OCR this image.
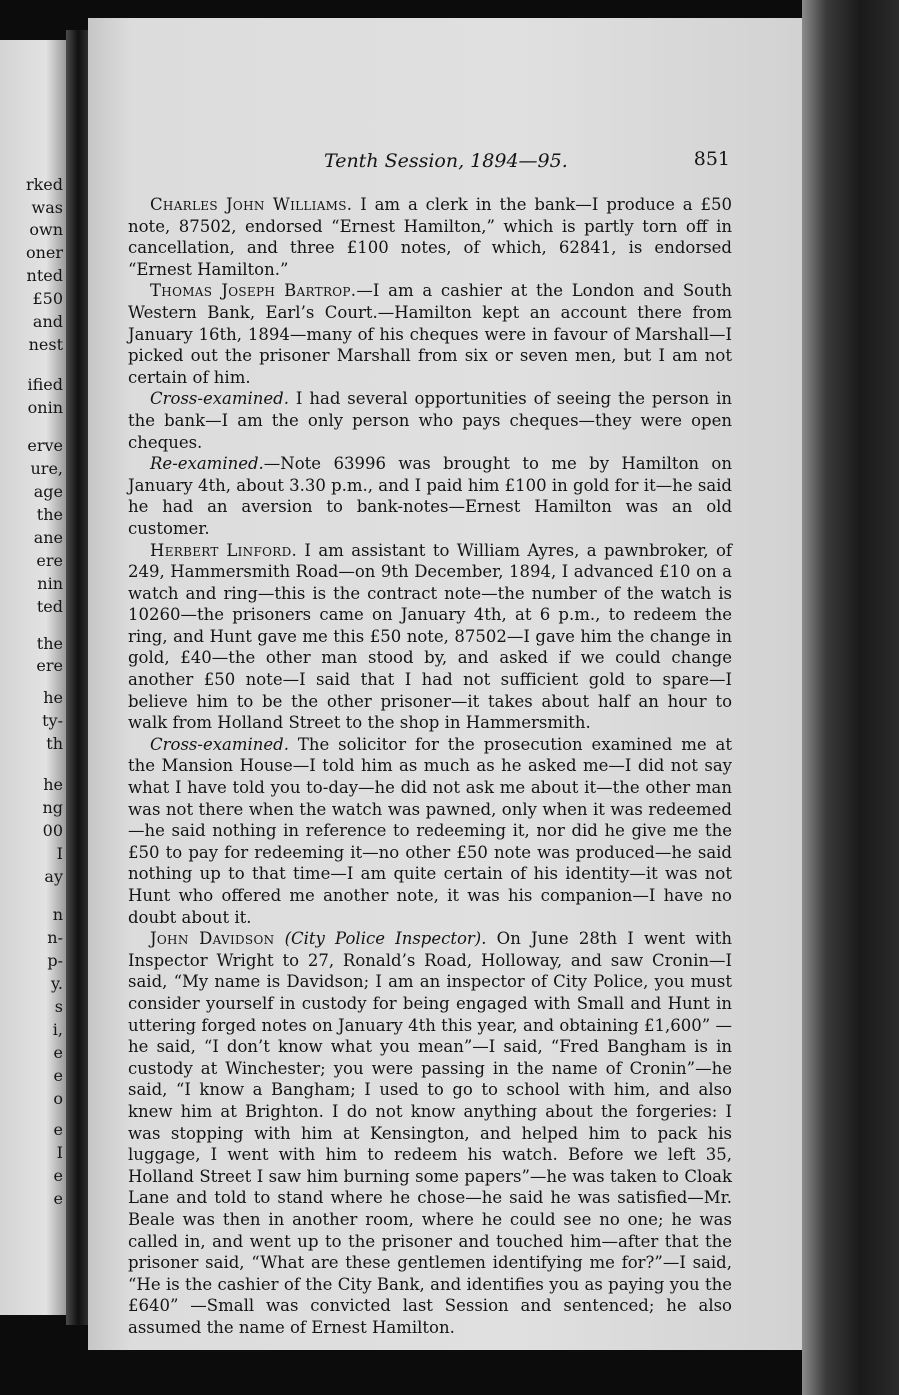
rked
was
own
oner
nted
£50
and
nest
ified
onin
erve
ure,
age
the
ane
ere
nin
ted
the
ere
he
ty-
th
he
ng
00
I
ay
n
n-
p-
y.
s
i,
e
e
o
e
I
e
e
Tenth Session, 1894—95.	851

Charles John Williams. I am a clerk in the bank—I produce a £50 note, 87502, endorsed “Ernest Hamilton,” which is partly torn off in cancellation, and three £100 notes, of which, 62841, is endorsed “Ernest Hamilton.”

Thomas Joseph Bartrop.—I am a cashier at the London and South Western Bank, Earl’s Court.—Hamilton kept an account there from January 16th, 1894—many of his cheques were in favour of Marshall—I picked out the prisoner Marshall from six or seven men, but I am not certain of him.

Cross-examined. I had several opportunities of seeing the person in the bank—I am the only person who pays cheques—they were open cheques.

Re-examined.—Note 63996 was brought to me by Hamilton on January 4th, about 3.30 p.m., and I paid him £100 in gold for it—he said he had an aversion to bank-notes—Ernest Hamilton was an old customer.

Herbert Linford. I am assistant to William Ayres, a pawnbroker, of 249, Hammersmith Road—on 9th December, 1894, I advanced £10 on a watch and ring—this is the contract note—the number of the watch is 10260—the prisoners came on January 4th, at 6 p.m., to redeem the ring, and Hunt gave me this £50 note, 87502—I gave him the change in gold, £40—the other man stood by, and asked if we could change another £50 note—I said that I had not sufficient gold to spare—I believe him to be the other prisoner—it takes about half an hour to walk from Holland Street to the shop in Hammersmith.

Cross-examined. The solicitor for the prosecution examined me at the Mansion House—I told him as much as he asked me—I did not say what I have told you to-day—he did not ask me about it—the other man was not there when the watch was pawned, only when it was redeemed—he said nothing in reference to redeeming it, nor did he give me the £50 to pay for redeeming it—no other £50 note was produced—he said nothing up to that time—I am quite certain of his identity—it was not Hunt who offered me another note, it was his companion—I have no doubt about it.

John Davidson (City Police Inspector). On June 28th I went with Inspector Wright to 27, Ronald’s Road, Holloway, and saw Cronin—I said, “My name is Davidson; I am an inspector of City Police, you must consider yourself in custody for being engaged with Small and Hunt in uttering forged notes on January 4th this year, and obtaining £1,600” —he said, “I don’t know what you mean”—I said, “Fred Bangham is in custody at Winchester; you were passing in the name of Cronin”—he said, “I know a Bangham; I used to go to school with him, and also knew him at Brighton. I do not know anything about the forgeries: I was stopping with him at Kensington, and helped him to pack his luggage, I went with him to redeem his watch. Before we left 35, Holland Street I saw him burning some papers”—he was taken to Cloak Lane and told to stand where he chose—he said he was satisfied—Mr. Beale was then in another room, where he could see no one; he was called in, and went up to the prisoner and touched him—after that the prisoner said, “What are these gentlemen identifying me for?”—I said, “He is the cashier of the City Bank, and identifies you as paying you the £640” —Small was convicted last Session and sentenced; he also assumed the name of Ernest Hamilton.
